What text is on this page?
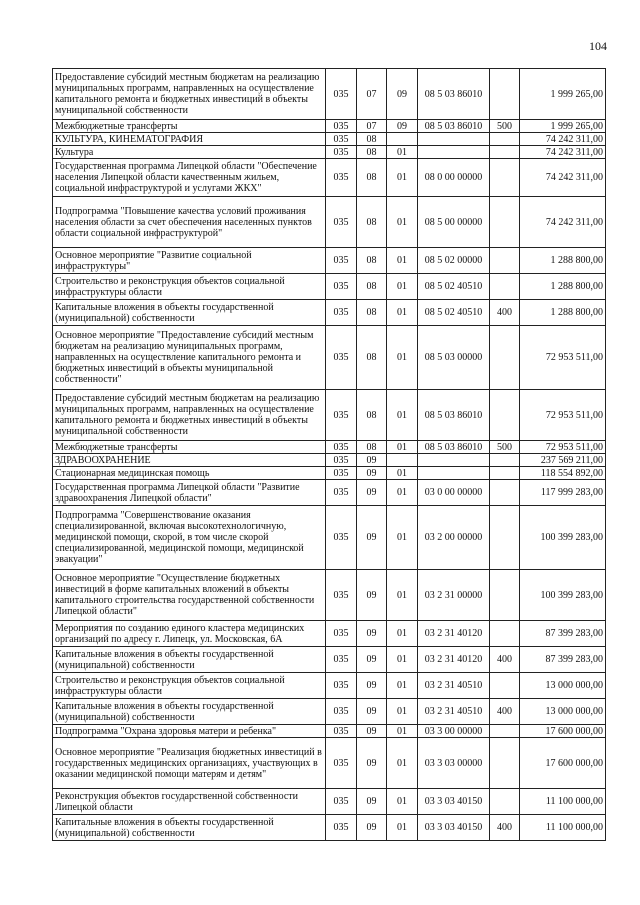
104
Предоставление субсидий местным бюджетам на реализацию муниципальных программ, направленных на осуществление капитального ремонта и бюджетных инвестиций в объекты муниципальной собственности	035	07	09	08 5 03 86010		1 999 265,00
Межбюджетные трансферты	035	07	09	08 5 03 86010	500	1 999 265,00
КУЛЬТУРА, КИНЕМАТОГРАФИЯ	035	08				74 242 311,00
Культура	035	08	01			74 242 311,00
Государственная программа Липецкой области "Обеспечение населения Липецкой области качественным жильем, социальной инфраструктурой и услугами ЖКХ"	035	08	01	08 0 00 00000		74 242 311,00
Подпрограмма "Повышение качества условий проживания населения области за счет обеспечения населенных пунктов области социальной инфраструктурой"	035	08	01	08 5 00 00000		74 242 311,00
Основное мероприятие "Развитие социальной инфраструктуры"	035	08	01	08 5 02 00000		1 288 800,00
Строительство и реконструкция объектов социальной инфраструктуры области	035	08	01	08 5 02 40510		1 288 800,00
Капитальные вложения в объекты государственной (муниципальной) собственности	035	08	01	08 5 02 40510	400	1 288 800,00
Основное мероприятие "Предоставление субсидий местным бюджетам на реализацию муниципальных программ, направленных на осуществление капитального ремонта и бюджетных инвестиций в объекты муниципальной собственности"	035	08	01	08 5 03 00000		72 953 511,00
Предоставление субсидий местным бюджетам на реализацию муниципальных программ, направленных на осуществление капитального ремонта и бюджетных инвестиций в объекты муниципальной собственности	035	08	01	08 5 03 86010		72 953 511,00
Межбюджетные трансферты	035	08	01	08 5 03 86010	500	72 953 511,00
ЗДРАВООХРАНЕНИЕ	035	09				237 569 211,00
Стационарная медицинская помощь	035	09	01			118 554 892,00
Государственная программа Липецкой области "Развитие здравоохранения Липецкой области"	035	09	01	03 0 00 00000		117 999 283,00
Подпрограмма "Совершенствование оказания специализированной, включая высокотехнологичную, медицинской помощи, скорой, в том числе скорой специализированной, медицинской помощи, медицинской эвакуации"	035	09	01	03 2 00 00000		100 399 283,00
Основное мероприятие "Осуществление бюджетных инвестиций в форме капитальных вложений в объекты капитального строительства государственной собственности Липецкой области"	035	09	01	03 2 31 00000		100 399 283,00
Мероприятия по созданию единого кластера медицинских организаций по адресу г. Липецк, ул. Московская, 6А	035	09	01	03 2 31 40120		87 399 283,00
Капитальные вложения в объекты государственной (муниципальной) собственности	035	09	01	03 2 31 40120	400	87 399 283,00
Строительство и реконструкция объектов социальной инфраструктуры области	035	09	01	03 2 31 40510		13 000 000,00
Капитальные вложения в объекты государственной (муниципальной) собственности	035	09	01	03 2 31 40510	400	13 000 000,00
Подпрограмма "Охрана здоровья матери и ребенка"	035	09	01	03 3 00 00000		17 600 000,00
Основное мероприятие "Реализация бюджетных инвестиций в государственных медицинских организациях, участвующих в оказании медицинской помощи матерям и детям"	035	09	01	03 3 03 00000		17 600 000,00
Реконструкция объектов государственной собственности Липецкой области	035	09	01	03 3 03 40150		11 100 000,00
Капитальные вложения в объекты государственной (муниципальной) собственности	035	09	01	03 3 03 40150	400	11 100 000,00
